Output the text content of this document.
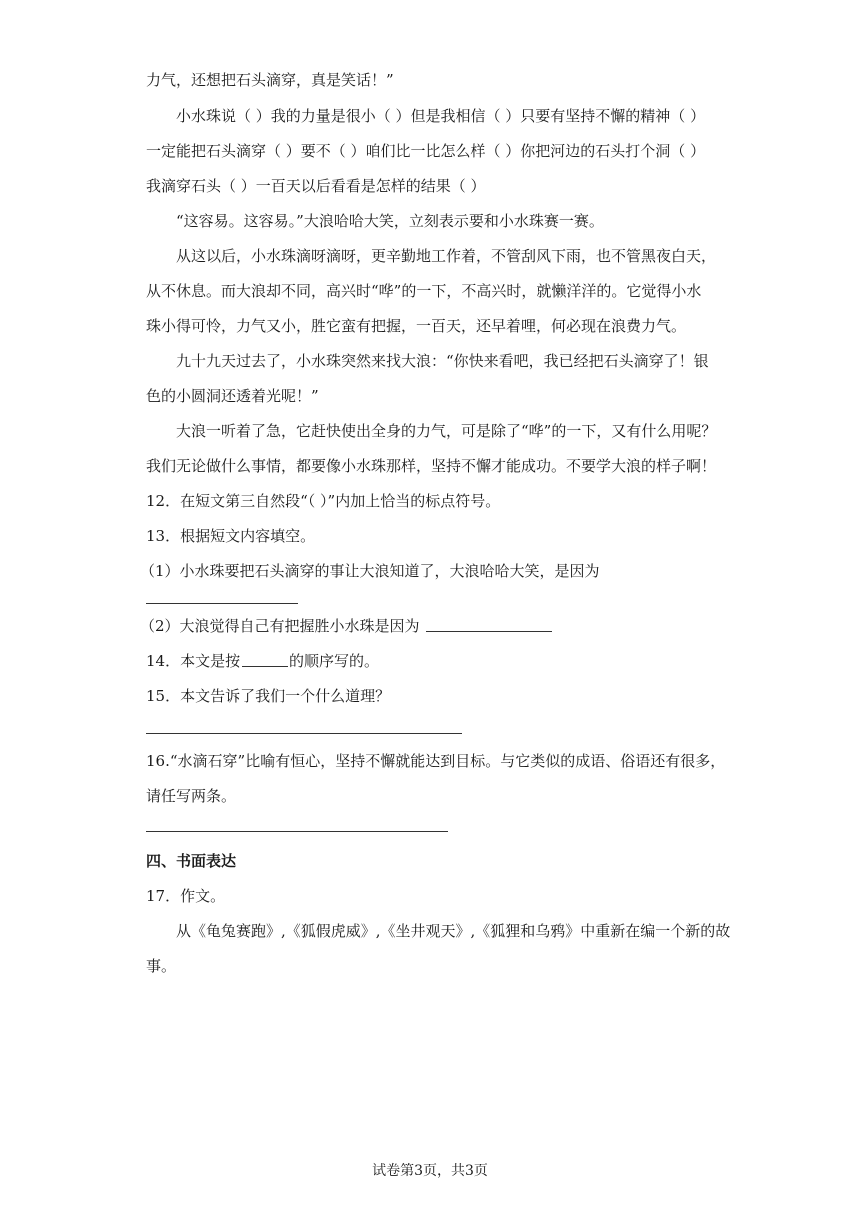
力气，还想把石头滴穿，真是笑话！”
小水珠说（ ）我的力量是很小（ ）但是我相信（ ）只要有坚持不懈的精神（ ）
一定能把石头滴穿（ ）要不（ ）咱们比一比怎么样（ ）你把河边的石头打个洞（ ）
我滴穿石头（ ）一百天以后看看是怎样的结果（ ）
“这容易。这容易。”大浪哈哈大笑，立刻表示要和小水珠赛一赛。
从这以后，小水珠滴呀滴呀，更辛勤地工作着，不管刮风下雨，也不管黑夜白天，
从不休息。而大浪却不同，高兴时“哗”的一下，不高兴时，就懒洋洋的。它觉得小水
珠小得可怜，力气又小，胜它蛮有把握，一百天，还早着哩，何必现在浪费力气。
九十九天过去了，小水珠突然来找大浪：“你快来看吧，我已经把石头滴穿了！银
色的小圆洞还透着光呢！”
大浪一听着了急，它赶快使出全身的力气，可是除了“哗”的一下，又有什么用呢？
我们无论做什么事情，都要像小水珠那样，坚持不懈才能成功。不要学大浪的样子啊！
12．在短文第三自然段“（ ）”内加上恰当的标点符号。
13．根据短文内容填空。
（1）小水珠要把石头滴穿的事让大浪知道了，大浪哈哈大笑，是因为
（2）大浪觉得自己有把握胜小水珠是因为
14．本文是按	的顺序写的。
15．本文告诉了我们一个什么道理？
16.“水滴石穿”比喻有恒心，坚持不懈就能达到目标。与它类似的成语、俗语还有很多，
请任写两条。
四、书面表达
17．作文。
从《龟兔赛跑》,《狐假虎威》,《坐井观天》,《狐狸和乌鸦》中重新在编一个新的故
事。
试卷第3页，共3页
